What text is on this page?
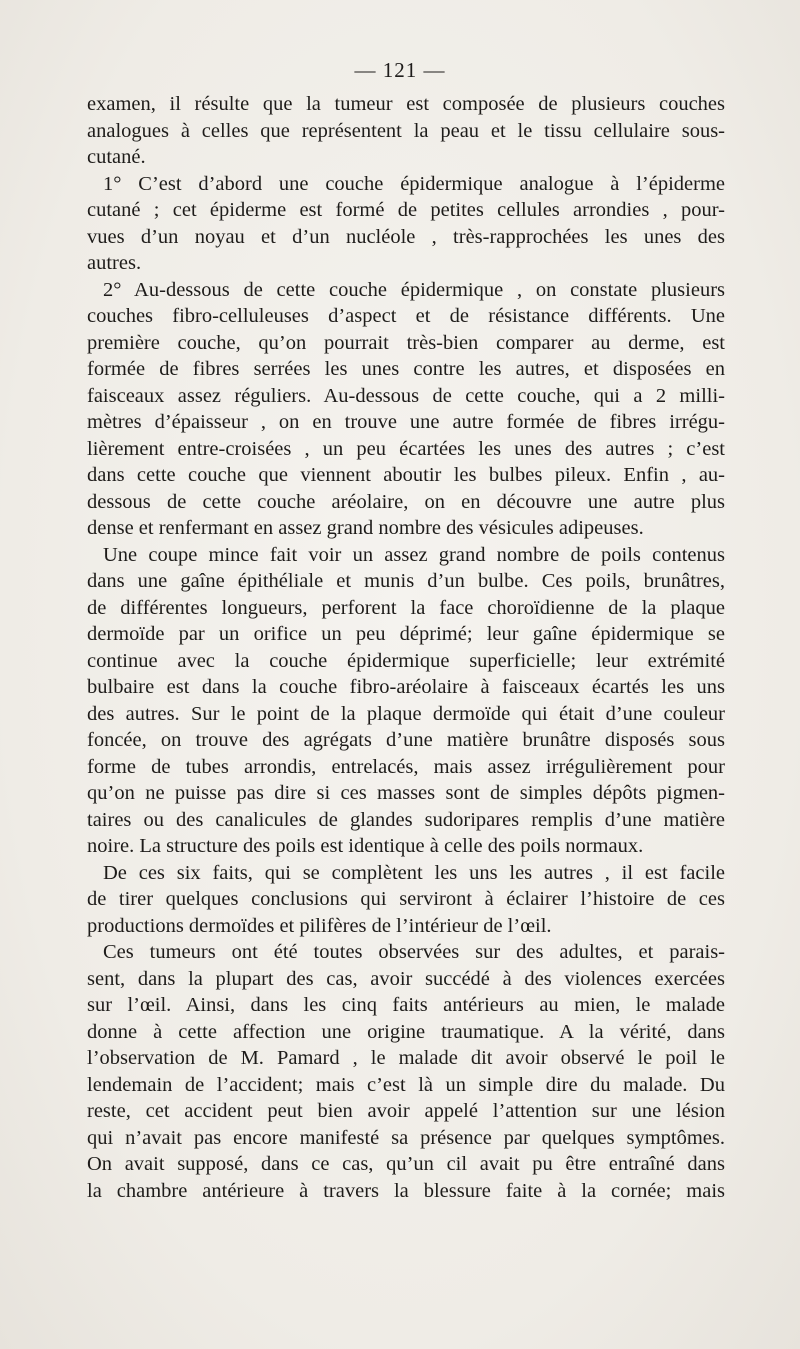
— 121 —
examen, il résulte que la tumeur est composée de plusieurs couches
analogues à celles que représentent la peau et le tissu cellulaire sous-
cutané.
1° C’est d’abord une couche épidermique analogue à l’épiderme
cutané ; cet épiderme est formé de petites cellules arrondies , pour-
vues d’un noyau et d’un nucléole , très-rapprochées les unes des
autres.
2° Au-dessous de cette couche épidermique , on constate plusieurs
couches fibro-celluleuses d’aspect et de résistance différents. Une
première couche, qu’on pourrait très-bien comparer au derme, est
formée de fibres serrées les unes contre les autres, et disposées en
faisceaux assez réguliers. Au-dessous de cette couche, qui a 2 milli-
mètres d’épaisseur , on en trouve une autre formée de fibres irrégu-
lièrement entre-croisées , un peu écartées les unes des autres ; c’est
dans cette couche que viennent aboutir les bulbes pileux. Enfin , au-
dessous de cette couche aréolaire, on en découvre une autre plus
dense et renfermant en assez grand nombre des vésicules adipeuses.
Une coupe mince fait voir un assez grand nombre de poils contenus
dans une gaîne épithéliale et munis d’un bulbe. Ces poils, brunâtres,
de différentes longueurs, perforent la face choroïdienne de la plaque
dermoïde par un orifice un peu déprimé; leur gaîne épidermique se
continue avec la couche épidermique superficielle; leur extrémité
bulbaire est dans la couche fibro-aréolaire à faisceaux écartés les uns
des autres. Sur le point de la plaque dermoïde qui était d’une couleur
foncée, on trouve des agrégats d’une matière brunâtre disposés sous
forme de tubes arrondis, entrelacés, mais assez irrégulièrement pour
qu’on ne puisse pas dire si ces masses sont de simples dépôts pigmen-
taires ou des canalicules de glandes sudoripares remplis d’une matière
noire. La structure des poils est identique à celle des poils normaux.
De ces six faits, qui se complètent les uns les autres , il est facile
de tirer quelques conclusions qui serviront à éclairer l’histoire de ces
productions dermoïdes et pilifères de l’intérieur de l’œil.
Ces tumeurs ont été toutes observées sur des adultes, et parais-
sent, dans la plupart des cas, avoir succédé à des violences exercées
sur l’œil. Ainsi, dans les cinq faits antérieurs au mien, le malade
donne à cette affection une origine traumatique. A la vérité, dans
l’observation de M. Pamard , le malade dit avoir observé le poil le
lendemain de l’accident; mais c’est là un simple dire du malade. Du
reste, cet accident peut bien avoir appelé l’attention sur une lésion
qui n’avait pas encore manifesté sa présence par quelques symptômes.
On avait supposé, dans ce cas, qu’un cil avait pu être entraîné dans
la chambre antérieure à travers la blessure faite à la cornée; mais
